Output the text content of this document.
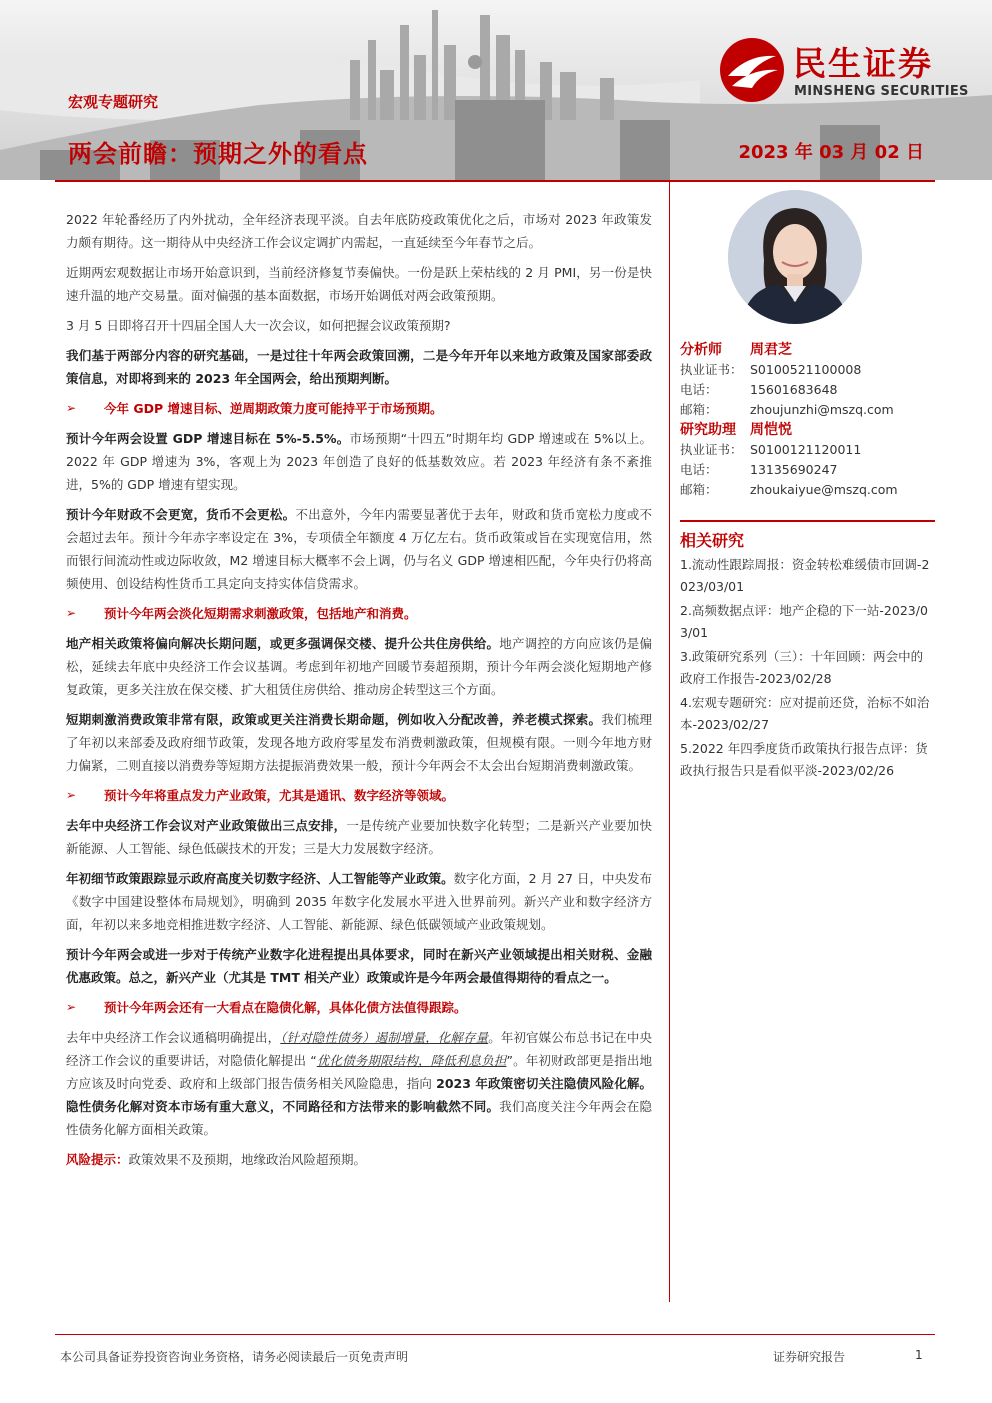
民生证券
MINSHENG SECURITIES
宏观专题研究
两会前瞻：预期之外的看点	2023 年 03 月 02 日

2022 年轮番经历了内外扰动，全年经济表现平淡。自去年底防疫政策优化之后，市场对 2023 年政策发力颇有期待。这一期待从中央经济工作会议定调扩内需起，一直延续至今年春节之后。

近期两宏观数据让市场开始意识到，当前经济修复节奏偏快。一份是跃上荣枯线的 2 月 PMI，另一份是快速升温的地产交易量。面对偏强的基本面数据，市场开始调低对两会政策预期。

3 月 5 日即将召开十四届全国人大一次会议，如何把握会议政策预期?

我们基于两部分内容的研究基础，一是过往十年两会政策回溯，二是今年开年以来地方政策及国家部委政策信息，对即将到来的 2023 年全国两会，给出预期判断。

➢	今年 GDP 增速目标、逆周期政策力度可能持平于市场预期。

预计今年两会设置 GDP 增速目标在 5%-5.5%。市场预期“十四五”时期年均 GDP 增速或在 5%以上。2022 年 GDP 增速为 3%，客观上为 2023 年创造了良好的低基数效应。若 2023 年经济有条不紊推进，5%的 GDP 增速有望实现。

预计今年财政不会更宽，货币不会更松。不出意外，今年内需要显著优于去年，财政和货币宽松力度或不会超过去年。预计今年赤字率设定在 3%，专项债全年额度 4 万亿左右。货币政策或旨在实现宽信用，然而银行间流动性或边际收敛，M2 增速目标大概率不会上调，仍与名义 GDP 增速相匹配，今年央行仍将高频使用、创设结构性货币工具定向支持实体信贷需求。

➢	预计今年两会淡化短期需求刺激政策，包括地产和消费。

地产相关政策将偏向解决长期问题，或更多强调保交楼、提升公共住房供给。地产调控的方向应该仍是偏松，延续去年底中央经济工作会议基调。考虑到年初地产回暖节奏超预期，预计今年两会淡化短期地产修复政策，更多关注放在保交楼、扩大租赁住房供给、推动房企转型这三个方面。

短期刺激消费政策非常有限，政策或更关注消费长期命题，例如收入分配改善，养老模式探索。我们梳理了年初以来部委及政府细节政策，发现各地方政府零星发布消费刺激政策，但规模有限。一则今年地方财力偏紧，二则直接以消费券等短期方法提振消费效果一般，预计今年两会不太会出台短期消费刺激政策。

➢	预计今年将重点发力产业政策，尤其是通讯、数字经济等领域。

去年中央经济工作会议对产业政策做出三点安排，一是传统产业要加快数字化转型；二是新兴产业要加快新能源、人工智能、绿色低碳技术的开发；三是大力发展数字经济。

年初细节政策跟踪显示政府高度关切数字经济、人工智能等产业政策。数字化方面，2 月 27 日，中央发布《数字中国建设整体布局规划》，明确到 2035 年数字化发展水平进入世界前列。新兴产业和数字经济方面，年初以来多地竞相推进数字经济、人工智能、新能源、绿色低碳领域产业政策规划。

预计今年两会或进一步对于传统产业数字化进程提出具体要求，同时在新兴产业领域提出相关财税、金融优惠政策。总之，新兴产业（尤其是 TMT 相关产业）政策或许是今年两会最值得期待的看点之一。

➢	预计今年两会还有一大看点在隐债化解，具体化债方法值得跟踪。

去年中央经济工作会议通稿明确提出，（针对隐性债务）遏制增量，化解存量。年初官媒公布总书记在中央经济工作会议的重要讲话，对隐债化解提出 “优化债务期限结构，降低利息负担”。年初财政部更是指出地方应该及时向党委、政府和上级部门报告债务相关风险隐患，指向 2023 年政策密切关注隐债风险化解。隐性债务化解对资本市场有重大意义，不同路径和方法带来的影响截然不同。我们高度关注今年两会在隐性债务化解方面相关政策。

风险提示：政策效果不及预期，地缘政治风险超预期。

分析师	周君芝
执业证书： S0100521100008
电话：	15601683648
邮箱：	zhoujunzhi@mszq.com
研究助理	周恺悦
执业证书： S0100121120011
电话：	13135690247
邮箱：	zhoukaiyue@mszq.com
相关研究
1.流动性跟踪周报：资金转松难缓债市回调-2023/03/01
2.高频数据点评：地产企稳的下一站-2023/03/01
3.政策研究系列（三）：十年回顾：两会中的政府工作报告-2023/02/28
4.宏观专题研究：应对提前还贷，治标不如治本-2023/02/27
5.2022 年四季度货币政策执行报告点评：货政执行报告只是看似平淡-2023/02/26
本公司具备证券投资咨询业务资格，请务必阅读最后一页免责声明	证券研究报告	1
